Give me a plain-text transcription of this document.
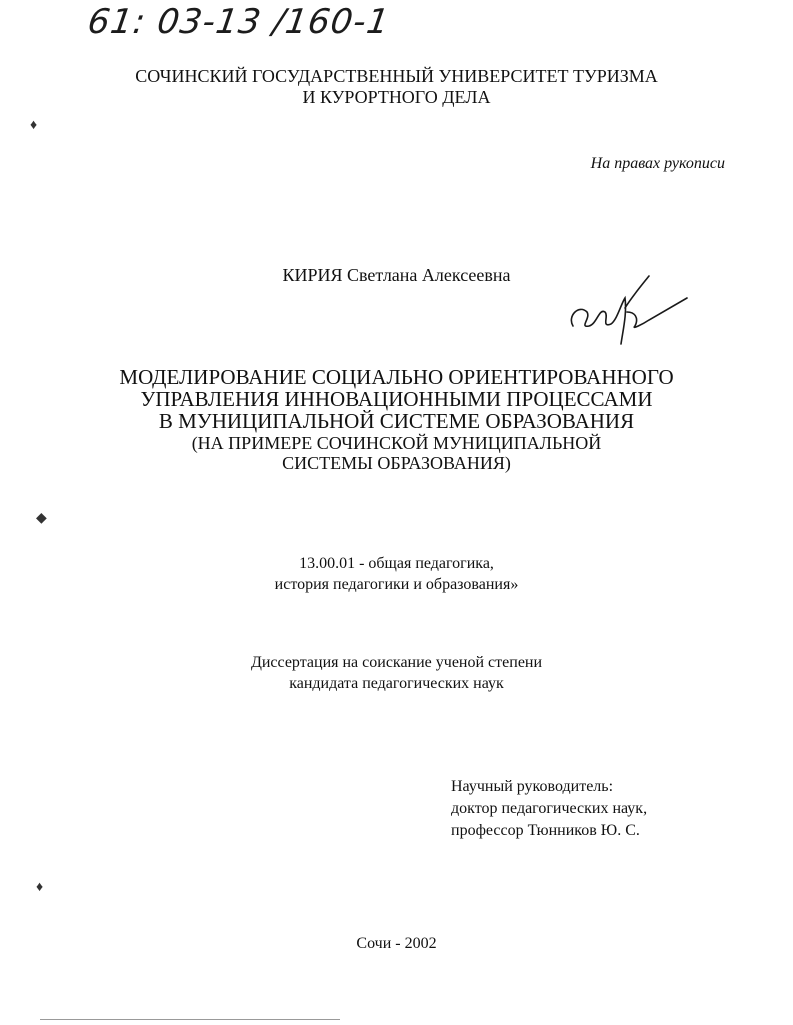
61: 03-13 /160-1
СОЧИНСКИЙ ГОСУДАРСТВЕННЫЙ УНИВЕРСИТЕТ ТУРИЗМА
И КУРОРТНОГО ДЕЛА
♦
◆
♦
На правах рукописи
КИРИЯ Светлана Алексеевна
МОДЕЛИРОВАНИЕ СОЦИАЛЬНО ОРИЕНТИРОВАННОГО
УПРАВЛЕНИЯ ИННОВАЦИОННЫМИ ПРОЦЕССАМИ
В МУНИЦИПАЛЬНОЙ СИСТЕМЕ ОБРАЗОВАНИЯ
(НА ПРИМЕРЕ СОЧИНСКОЙ МУНИЦИПАЛЬНОЙ
СИСТЕМЫ ОБРАЗОВАНИЯ)
13.00.01 - общая педагогика,
история педагогики и образования»
Диссертация на соискание ученой степени
кандидата педагогических наук
Научный руководитель:
доктор педагогических наук,
профессор Тюнников Ю. С.
Сочи - 2002
